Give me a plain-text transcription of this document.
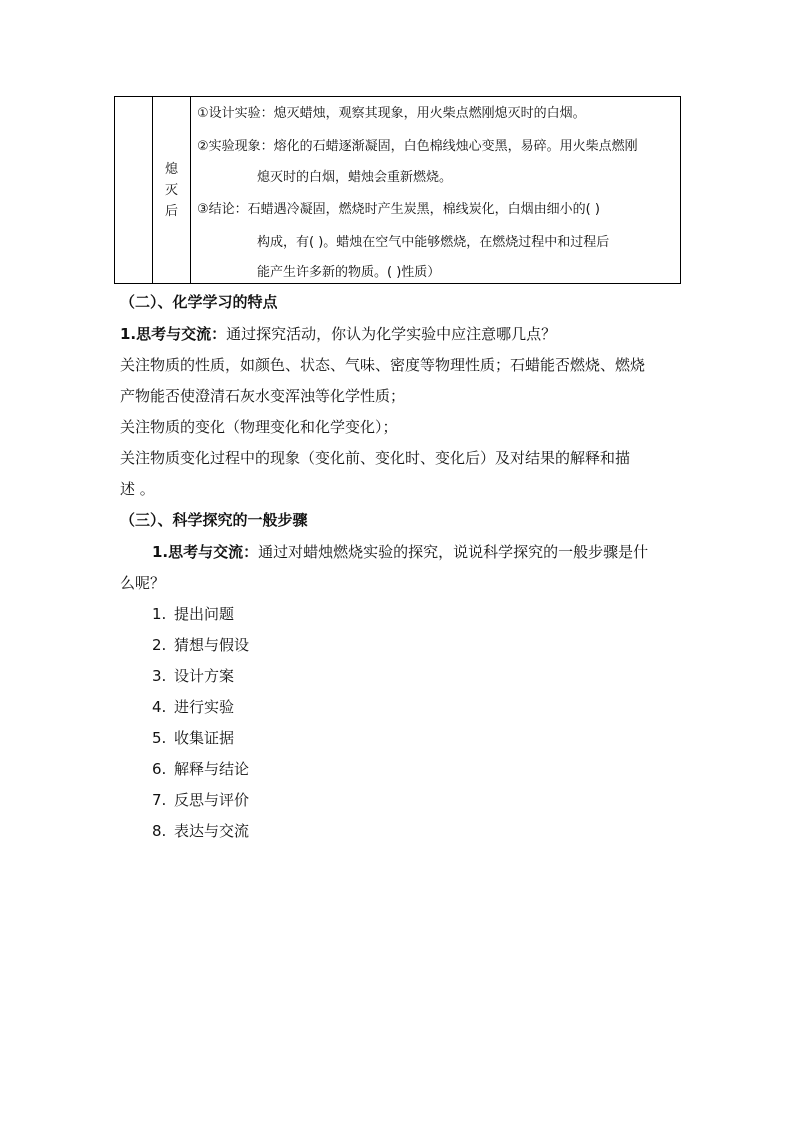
熄
灭
后
①设计实验：熄灭蜡烛，观察其现象，用火柴点燃刚熄灭时的白烟。
②实验现象：熔化的石蜡逐渐凝固，白色棉线烛心变黑，易碎。用火柴点燃刚
熄灭时的白烟，蜡烛会重新燃烧。
③结论：石蜡遇冷凝固，燃烧时产生炭黑，棉线炭化，白烟由细小的( )
构成，有( )。蜡烛在空气中能够燃烧，在燃烧过程中和过程后
能产生许多新的物质。( )性质）
（二）、化学学习的特点
1.思考与交流：通过探究活动，你认为化学实验中应注意哪几点？
关注物质的性质，如颜色、状态、气味、密度等物理性质；石蜡能否燃烧、燃烧
产物能否使澄清石灰水变浑浊等化学性质；
关注物质的变化（物理变化和化学变化）；
关注物质变化过程中的现象（变化前、变化时、变化后）及对结果的解释和描
述 。
（三）、科学探究的一般步骤
1.思考与交流：通过对蜡烛燃烧实验的探究，说说科学探究的一般步骤是什
么呢？
1. 提出问题
2. 猜想与假设
3. 设计方案
4. 进行实验
5. 收集证据
6. 解释与结论
7. 反思与评价
8. 表达与交流
